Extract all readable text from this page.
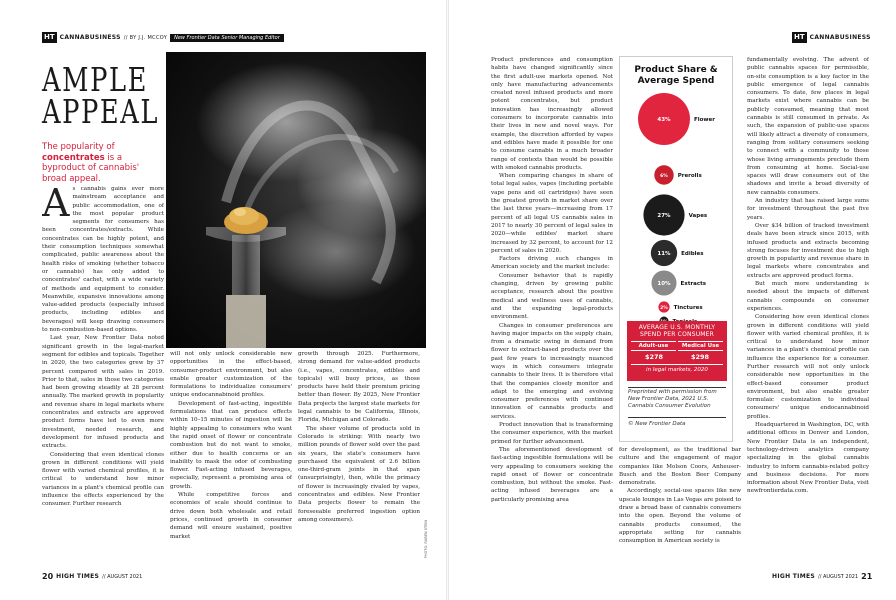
HT CANNABUSINESS // BY J.J. MCCOY	New Frontier Data Senior Managing Editor
AMPLE
APPEAL
The popularity of concentrates is a byproduct of cannabis' broad appeal.
PHOTO: RUBEN STEIN
A s cannabis gains ever more mainstream acceptance and public accommodation, one of the most popular product segments for consumers has been concentrates/extracts. While concentrates can be highly potent, and their consumption techniques somewhat complicated, public awareness about the health risks of smoking (whether tobacco or cannabis) has only added to concentrates' cachet, with a wide variety of methods and equipment to consider. Meanwhile, expansive innovations among value-added products (especially infused products, including edibles and beverages) will keep drawing consumers to non-combustion-based options.

Last year, New Frontier Data noted significant growth in the legal-market segment for edibles and topicals. Together in 2020, the two categories grew by 37 percent compared with sales in 2019. Prior to that, sales in those two categories had been growing steadily at 28 percent annually. The marked growth in popularity and revenue share in legal markets where concentrates and extracts are approved product forms have led to even more investment, needed research, and development for infused products and extracts.

Considering that even identical clones grown in different conditions will yield flower with varied chemical profiles, it is critical to understand how minor variances in a plant's chemical profile can influence the effects experienced by the consumer. Further research

will not only unlock considerable new opportunities in the effect-based, consumer-product environment, but also enable greater customization of the formulations to individualize consumers' unique endocannabinoid profiles.

Development of fast-acting, ingestible formulations that can produce effects within 10–15 minutes of ingestion will be highly appealing to consumers who want the rapid onset of flower or concentrate combustion but do not want to smoke, either due to health concerns or an inability to mask the odor of combusting flower. Fast-acting infused beverages, especially, represent a promising area of growth.

While competitive forces and economies of scale should continue to drive down both wholesale and retail prices, continued growth in consumer demand will ensure sustained, positive market

growth through 2025. Furthermore, strong demand for value-added products (i.e., vapes, concentrates, edibles and topicals) will buoy prices, as those products have held their premium pricing better than flower. By 2025, New Frontier Data projects the largest state markets for legal cannabis to be California, Illinois, Florida, Michigan and Colorado.

The sheer volume of products sold in Colorado is striking: With nearly two million pounds of flower sold over the past six years, the state's consumers have purchased the equivalent of 2.6 billion one-third-gram joints in that span (unsurprisingly), then, while the primacy of flower is increasingly rivaled by vapes, concentrates and edibles. New Frontier Data projects flower to remain the foreseeable preferred ingestion option among consumers).

20 HIGH TIMES // AUGUST 2021
HT CANNABUSINESS

Product preferences and consumption habits have changed significantly since the first adult-use markets opened. Not only have manufacturing advancements created novel infused products and more potent concentrates, but product innovation has increasingly allowed consumers to incorporate cannabis into their lives in new and novel ways. For example, the discretion afforded by vapes and edibles have made it possible for one to consume cannabis in a much broader range of contexts than would be possible with smoked cannabis products.

When comparing changes in share of total legal sales, vapes (including portable vape pens and oil cartridges) have seen the greatest growth in market share over the last three years—increasing from 17 percent of all legal US cannabis sales in 2017 to nearly 30 percent of legal sales in 2020—while edibles' market share increased by 32 percent, to account for 12 percent of sales in 2020.

Factors driving such changes in American society and the market include:

Consumer behavior that is rapidly changing, driven by growing public acceptance, research about the positive medical and wellness uses of cannabis, and the expanding legal-products environment.

Changes in consumer preferences are having major impacts on the supply chain, from a dramatic swing in demand from flower to extract-based products over the past few years to increasingly nuanced ways in which consumers integrate cannabis to their lives. It is therefore vital that the companies closely monitor and adapt to the emerging and evolving consumer preferences with continued innovation of cannabis products and services.

Product innovation that is transforming the consumer experience, with the market primed for further advancement.

The aforementioned development of fast-acting ingestible formulations will be very appealing to consumers seeking the rapid onset of flower or concentrate combustion, but without the smoke. Fast-acting infused beverages are a particularly promising area

Product Share &
Average Spend
43%	Flower
6% Prerolls
27%	Vapes
11% Edibles
10% Extracts
2% Tinctures
AVERAGE U.S. MONTHLY
SPEND PER CONSUMER
Adult-use	Medical Use
$278	$298
in legal markets, 2020
Preprinted with permission from New Frontier Data, 2021 U.S. Cannabis Consumer Evolution
© New Frontier Data

for development, as the traditional bar culture and the engagement of major companies like Molson Coors, Anheuser-Busch and the Boston Beer Company demonstrate.

Accordingly, social-use spaces like new upscale lounges in Las Vegas are poised to draw a broad base of cannabis consumers into the open. Beyond the volume of cannabis products consumed, the appropriate setting for cannabis consumption in American society is

fundamentally evolving. The advent of public cannabis spaces for permissible, on-site consumption is a key factor in the public emergence of legal cannabis consumers. To date, few places in legal markets exist where cannabis can be publicly consumed, meaning that most cannabis is still consumed in private. As such, the expansion of public-use spaces will likely attract a diversity of consumers, ranging from solitary consumers seeking to connect with a community to those whose living arrangements preclude them from consuming at home. Social-use spaces will draw consumers out of the shadows and invite a broad diversity of new cannabis consumers.

An industry that has raised large sums for investment throughout the past five years.

Over $34 billion of tracked investment deals have been struck since 2015, with infused products and extracts becoming strong focuses for investment due to high growth in popularity and revenue share in legal markets where concentrates and extracts are approved product forms.

But much more understanding is needed about the impacts of different cannabis compounds on consumer experiences.

Considering how even identical clones grown in different conditions will yield flower with varied chemical profiles, it is critical to understand how minor variances in a plant's chemical profile can influence the experience for a consumer. Further research will not only unlock considerable new opportunities in the effect-based consumer product environment, but also enable greater formulaic customization to individual consumers' unique endocannabinoid profiles.

Headquartered in Washington, DC, with additional offices in Denver and London, New Frontier Data is an independent, technology-driven analytics company specializing in the global cannabis industry to inform cannabis-related policy and business decisions. For more information about New Frontier Data, visit newfrontierdata.com.

HIGH TIMES // AUGUST 2021 21
